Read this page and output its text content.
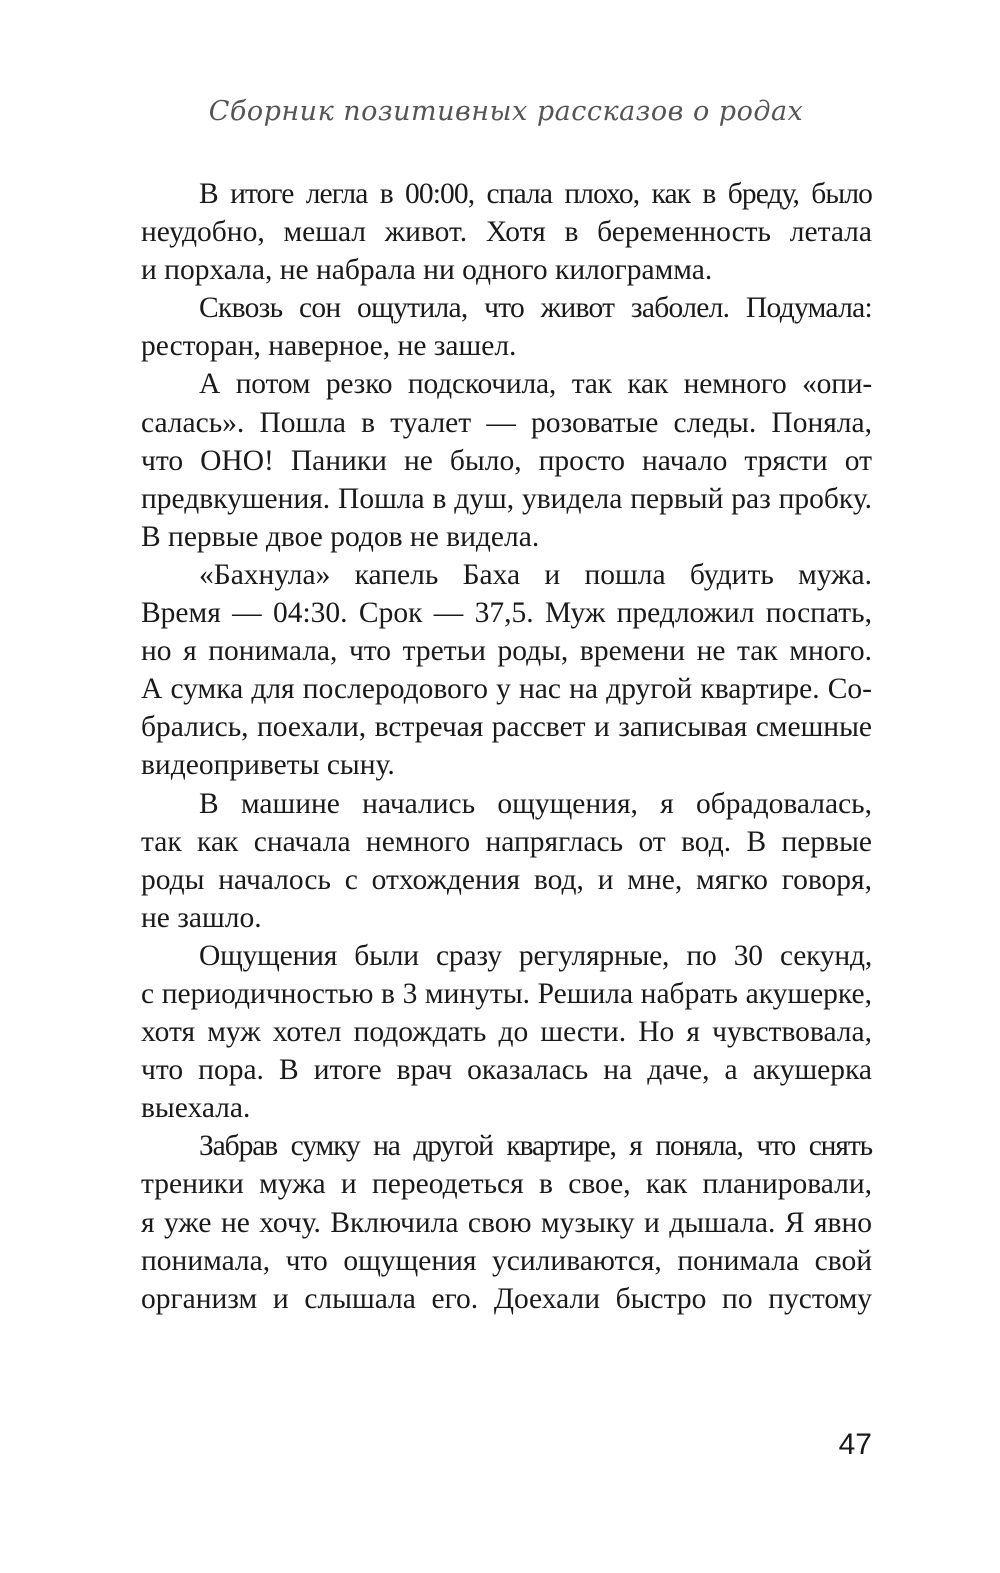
Сборник позитивных рассказов о родах
В итоге легла в 00:00, спала плохо, как в бреду, было
неудобно, мешал живот. Хотя в беременность летала
и порхала, не набрала ни одного килограмма.
Сквозь сон ощутила, что живот заболел. Подумала:
ресторан, наверное, не зашел.
А потом резко подскочила, так как немного «опи-
салась». Пошла в туалет — розоватые следы. Поняла,
что ОНО! Паники не было, просто начало трясти от
предвкушения. Пошла в душ, увидела первый раз пробку.
В первые двое родов не видела.
«Бахнула» капель Баха и пошла будить мужа.
Время — 04:30. Срок — 37,5. Муж предложил поспать,
но я понимала, что третьи роды, времени не так много.
А сумка для послеродового у нас на другой квартире. Со-
брались, поехали, встречая рассвет и записывая смешные
видеоприветы сыну.
В машине начались ощущения, я обрадовалась,
так как сначала немного напряглась от вод. В первые
роды началось с отхождения вод, и мне, мягко говоря,
не зашло.
Ощущения были сразу регулярные, по 30 секунд,
с периодичностью в 3 минуты. Решила набрать акушерке,
хотя муж хотел подождать до шести. Но я чувствовала,
что пора. В итоге врач оказалась на даче, а акушерка
выехала.
Забрав сумку на другой квартире, я поняла, что снять
треники мужа и переодеться в свое, как планировали,
я уже не хочу. Включила свою музыку и дышала. Я явно
понимала, что ощущения усиливаются, понимала свой
организм и слышала его. Доехали быстро по пустому
47
